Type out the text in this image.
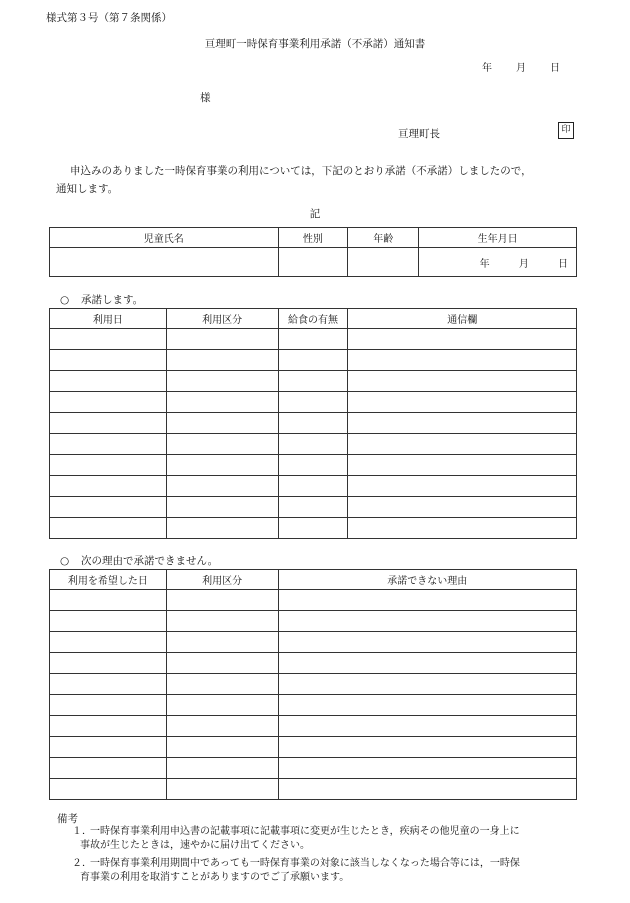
様式第３号（第７条関係）
亘理町一時保育事業利用承諾（不承諾）通知書
年 月 日
様
亘理町長	印

申込みのありました一時保育事業の利用については，下記のとおり承諾（不承諾）しましたので，

通知します。

記
児童氏名	性別	年齢	生年月日
			年 月 日
○ 承諾します。
利用日	利用区分	給食の有無	通信欄

○ 次の理由で承諾できません。
利用を希望した日	利用区分	承諾できない理由

備考
１．一時保育事業利用申込書の記載事項に記載事項に変更が生じたとき，疾病その他児童の一身上に
事故が生じたときは，速やかに届け出てください。
２．一時保育事業利用期間中であっても一時保育事業の対象に該当しなくなった場合等には，一時保
育事業の利用を取消すことがありますのでご了承願います。
